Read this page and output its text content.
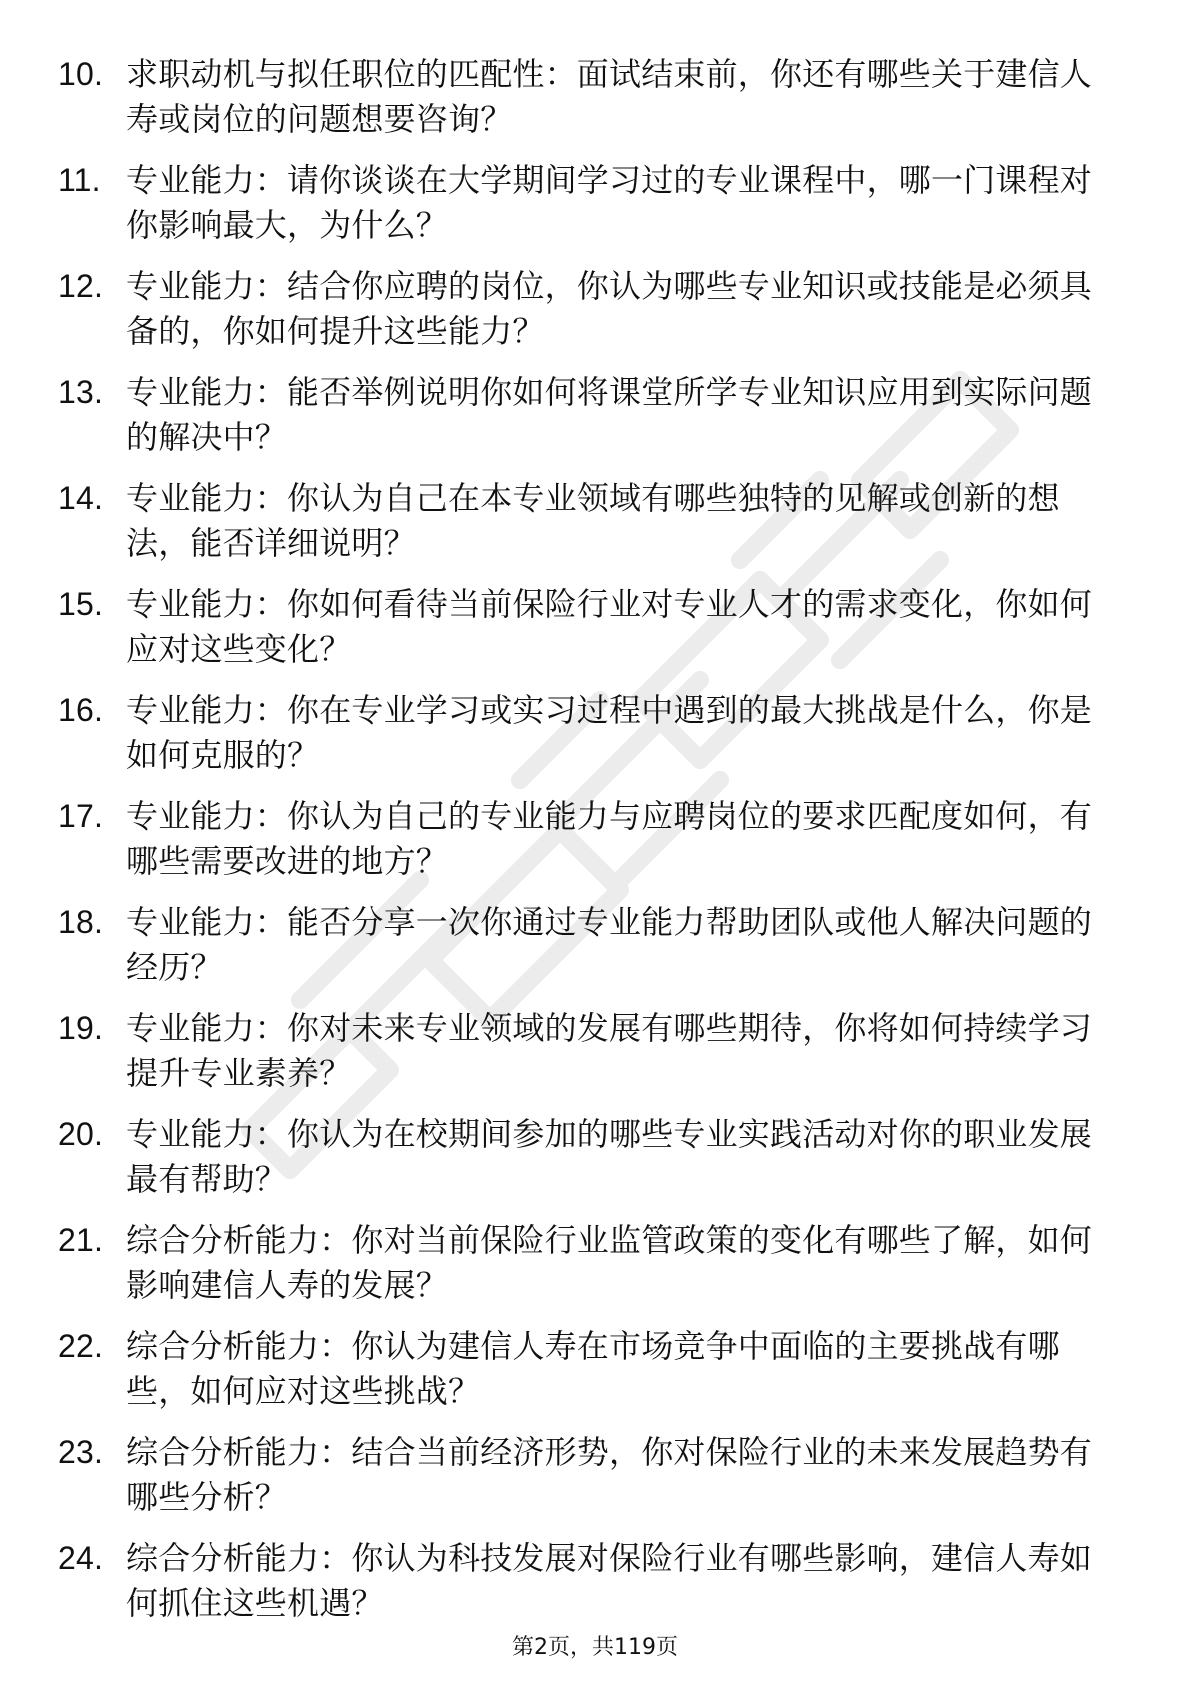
10. 求职动机与拟任职位的匹配性：面试结束前，你还有哪些关于建信人寿或岗位的问题想要咨询？
11. 专业能力：请你谈谈在大学期间学习过的专业课程中，哪一门课程对你影响最大，为什么？
12. 专业能力：结合你应聘的岗位，你认为哪些专业知识或技能是必须具备的，你如何提升这些能力？
13. 专业能力：能否举例说明你如何将课堂所学专业知识应用到实际问题的解决中？
14. 专业能力：你认为自己在本专业领域有哪些独特的见解或创新的想法，能否详细说明？
15. 专业能力：你如何看待当前保险行业对专业人才的需求变化，你如何应对这些变化？
16. 专业能力：你在专业学习或实习过程中遇到的最大挑战是什么，你是如何克服的？
17. 专业能力：你认为自己的专业能力与应聘岗位的要求匹配度如何，有哪些需要改进的地方？
18. 专业能力：能否分享一次你通过专业能力帮助团队或他人解决问题的经历？
19. 专业能力：你对未来专业领域的发展有哪些期待，你将如何持续学习提升专业素养？
20. 专业能力：你认为在校期间参加的哪些专业实践活动对你的职业发展最有帮助？
21. 综合分析能力：你对当前保险行业监管政策的变化有哪些了解，如何影响建信人寿的发展？
22. 综合分析能力：你认为建信人寿在市场竞争中面临的主要挑战有哪些，如何应对这些挑战？
23. 综合分析能力：结合当前经济形势，你对保险行业的未来发展趋势有哪些分析？
24. 综合分析能力：你认为科技发展对保险行业有哪些影响，建信人寿如何抓住这些机遇？
第2页，共119页
